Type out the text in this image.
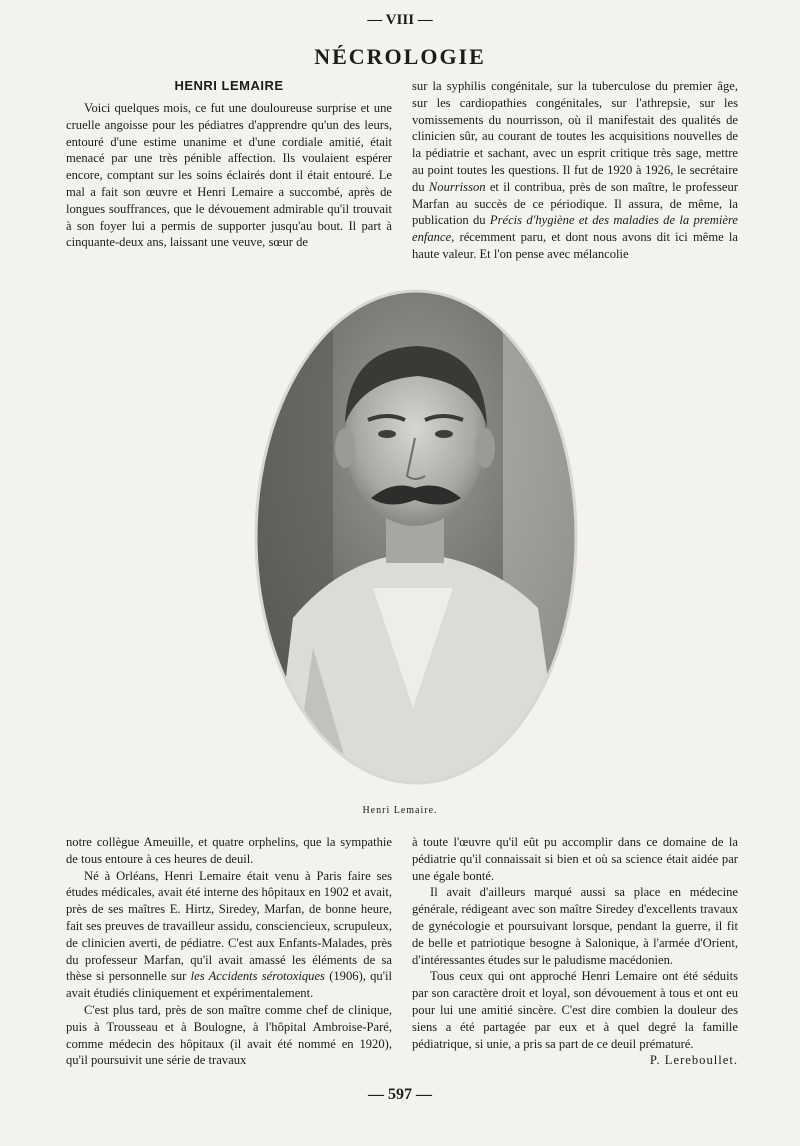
— VIII —
NÉCROLOGIE
HENRI LEMAIRE

Voici quelques mois, ce fut une douloureuse surprise et une cruelle angoisse pour les pédiatres d'apprendre qu'un des leurs, entouré d'une estime unanime et d'une cordiale amitié, était menacé par une très pénible affection. Ils voulaient espérer encore, comptant sur les soins éclairés dont il était entouré. Le mal a fait son œuvre et Henri Lemaire a succombé, après de longues souffrances, que le dévouement admirable qu'il trouvait à son foyer lui a permis de supporter jusqu'au bout. Il part à cinquante-deux ans, laissant une veuve, sœur de

sur la syphilis congénitale, sur la tuberculose du premier âge, sur les cardiopathies congénitales, sur l'athrepsie, sur les vomissements du nourrisson, où il manifestait des qualités de clinicien sûr, au courant de toutes les acquisitions nouvelles de la pédiatrie et sachant, avec un esprit critique très sage, mettre au point toutes les questions. Il fut de 1920 à 1926, le secrétaire du Nourrisson et il contribua, près de son maître, le professeur Marfan au succès de ce périodique. Il assura, de même, la publication du Précis d'hygiène et des maladies de la première enfance, récemment paru, et dont nous avons dit ici même la haute valeur. Et l'on pense avec mélancolie

Henri Lemaire.

notre collègue Ameuille, et quatre orphelins, que la sympathie de tous entoure à ces heures de deuil.

Né à Orléans, Henri Lemaire était venu à Paris faire ses études médicales, avait été interne des hôpitaux en 1902 et avait, près de ses maîtres E. Hirtz, Siredey, Marfan, de bonne heure, fait ses preuves de travailleur assidu, consciencieux, scrupuleux, de clinicien averti, de pédiatre. C'est aux Enfants-Malades, près du professeur Marfan, qu'il avait amassé les éléments de sa thèse si personnelle sur les Accidents sérotoxiques (1906), qu'il avait étudiés cliniquement et expérimentalement.

C'est plus tard, près de son maître comme chef de clinique, puis à Trousseau et à Boulogne, à l'hôpital Ambroise-Paré, comme médecin des hôpitaux (il avait été nommé en 1920), qu'il poursuivit une série de travaux

à toute l'œuvre qu'il eût pu accomplir dans ce domaine de la pédiatrie qu'il connaissait si bien et où sa science était aidée par une égale bonté.

Il avait d'ailleurs marqué aussi sa place en médecine générale, rédigeant avec son maître Siredey d'excellents travaux de gynécologie et poursuivant lorsque, pendant la guerre, il fit de belle et patriotique besogne à Salonique, à l'armée d'Orient, d'intéressantes études sur le paludisme macédonien.

Tous ceux qui ont approché Henri Lemaire ont été séduits par son caractère droit et loyal, son dévouement à tous et ont eu pour lui une amitié sincère. C'est dire combien la douleur des siens a été partagée par eux et à quel degré la famille pédiatrique, si unie, a pris sa part de ce deuil prématuré.

P. Lereboullet.
— 597 —
